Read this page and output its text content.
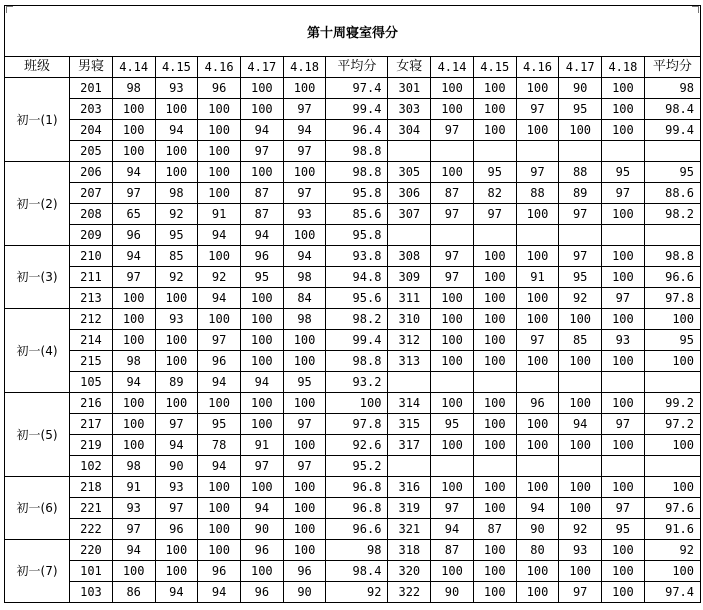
第十周寝室得分														
班级	男寝	4.14	4.15	4.16	4.17	4.18	平均分	女寝	4.14	4.15	4.16	4.17	4.18	平均分
初一(1)	201	98	93	96	100	100	97.4	301	100	100	100	90	100	98
	203	100	100	100	100	97	99.4	303	100	100	97	95	100	98.4
	204	100	94	100	94	94	96.4	304	97	100	100	100	100	99.4
	205	100	100	100	97	97	98.8							
初一(2)	206	94	100	100	100	100	98.8	305	100	95	97	88	95	95
	207	97	98	100	87	97	95.8	306	87	82	88	89	97	88.6
	208	65	92	91	87	93	85.6	307	97	97	100	97	100	98.2
	209	96	95	94	94	100	95.8							
初一(3)	210	94	85	100	96	94	93.8	308	97	100	100	97	100	98.8
	211	97	92	92	95	98	94.8	309	97	100	91	95	100	96.6
	213	100	100	94	100	84	95.6	311	100	100	100	92	97	97.8
初一(4)	212	100	93	100	100	98	98.2	310	100	100	100	100	100	100
	214	100	100	97	100	100	99.4	312	100	100	97	85	93	95
	215	98	100	96	100	100	98.8	313	100	100	100	100	100	100
	105	94	89	94	94	95	93.2							
初一(5)	216	100	100	100	100	100	100	314	100	100	96	100	100	99.2
	217	100	97	95	100	97	97.8	315	95	100	100	94	97	97.2
	219	100	94	78	91	100	92.6	317	100	100	100	100	100	100
	102	98	90	94	97	97	95.2							
初一(6)	218	91	93	100	100	100	96.8	316	100	100	100	100	100	100
	221	93	97	100	94	100	96.8	319	97	100	94	100	97	97.6
	222	97	96	100	90	100	96.6	321	94	87	90	92	95	91.6
初一(7)	220	94	100	100	96	100	98	318	87	100	80	93	100	92
	101	100	100	96	100	96	98.4	320	100	100	100	100	100	100
	103	86	94	94	96	90	92	322	90	100	100	97	100	97.4
